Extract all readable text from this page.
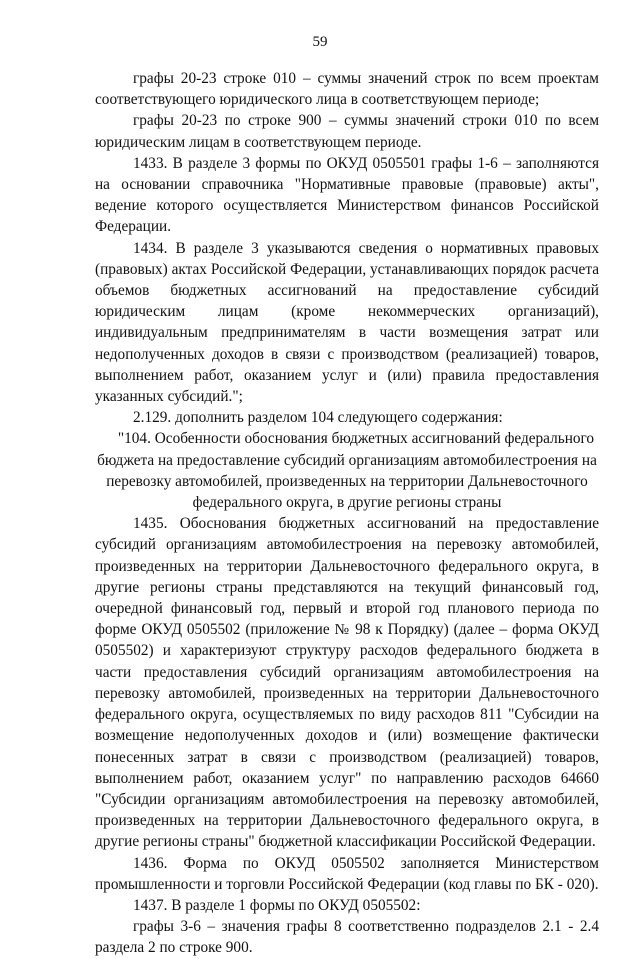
59

графы 20-23 строке 010 – суммы значений строк по всем проектам соответствующего юридического лица в соответствующем периоде;

графы 20-23 по строке 900 – суммы значений строки 010 по всем юридическим лицам в соответствующем периоде.

1433. В разделе 3 формы по ОКУД 0505501 графы 1-6 – заполняются на основании справочника "Нормативные правовые (правовые) акты", ведение которого осуществляется Министерством финансов Российской Федерации.

1434. В разделе 3 указываются сведения о нормативных правовых (правовых) актах Российской Федерации, устанавливающих порядок расчета объемов бюджетных ассигнований на предоставление субсидий юридическим лицам (кроме некоммерческих организаций), индивидуальным предпринимателям в части возмещения затрат или недополученных доходов в связи с производством (реализацией) товаров, выполнением работ, оказанием услуг и (или) правила предоставления указанных субсидий.";

2.129. дополнить разделом 104 следующего содержания:

"104. Особенности обоснования бюджетных ассигнований федерального

бюджета на предоставление субсидий организациям автомобилестроения на

перевозку автомобилей, произведенных на территории Дальневосточного

федерального округа, в другие регионы страны

1435. Обоснования бюджетных ассигнований на предоставление субсидий организациям автомобилестроения на перевозку автомобилей, произведенных на территории Дальневосточного федерального округа, в другие регионы страны представляются на текущий финансовый год, очередной финансовый год, первый и второй год планового периода по форме ОКУД 0505502 (приложение № 98 к Порядку) (далее – форма ОКУД 0505502) и характеризуют структуру расходов федерального бюджета в части предоставления субсидий организациям автомобилестроения на перевозку автомобилей, произведенных на территории Дальневосточного федерального округа, осуществляемых по виду расходов 811 "Субсидии на возмещение недополученных доходов и (или) возмещение фактически понесенных затрат в связи с производством (реализацией) товаров, выполнением работ, оказанием услуг" по направлению расходов 64660 "Субсидии организациям автомобилестроения на перевозку автомобилей, произведенных на территории Дальневосточного федерального округа, в другие регионы страны" бюджетной классификации Российской Федерации.

1436. Форма по ОКУД 0505502 заполняется Министерством промышленности и торговли Российской Федерации (код главы по БК - 020).

1437. В разделе 1 формы по ОКУД 0505502:

графы 3-6 – значения графы 8 соответственно подразделов 2.1 - 2.4 раздела 2 по строке 900.
